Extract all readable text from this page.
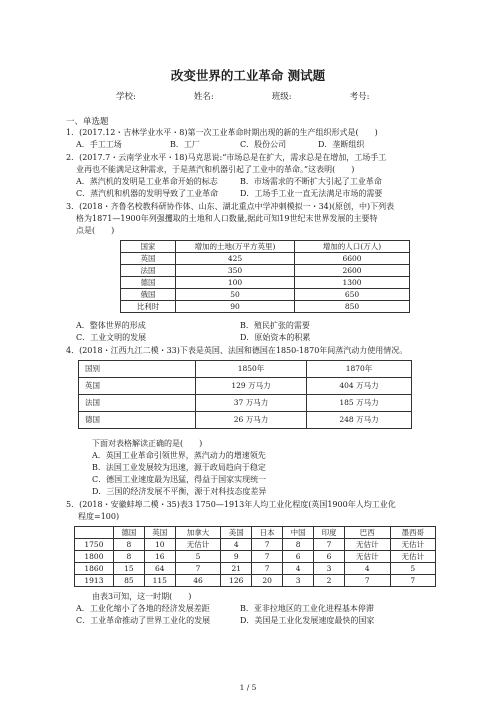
改变世界的工业革命 测试题
学校:	姓名:	班级:	考号:
一、单选题
1．(2017.12・吉林学业水平・8)第一次工业革命时期出现的新的生产组织形式是(　　)
A．手工工场	B．工厂	C．股份公司	D．垄断组织
2．(2017.7・云南学业水平・18)马克思说:“市场总是在扩大，需求总是在增加，工场手工
业再也不能满足这种需求，于是蒸汽和机器引起了工业中的革命。”这表明(　　)
A．蒸汽机的发明是工业革命开始的标志	B．市场需求的不断扩大引起了工业革命
C．蒸汽机和机器的发明导致了工业革命	D．工场手工业一直无法满足市场的需要
3．(2018・齐鲁名校教科研协作体、山东、湖北重点中学冲刺模拟一・34)(原创，中)下列表
格为1871—1900年列强攫取的土地和人口数量,据此可知19世纪末世界发展的主要特
点是(　　)
国家	增加的土地(万平方英里)	增加的人口(万人)
英国	425	6600
法国	350	2600
德国	100	1300
俄国	50	650
比利时	90	850
A．整体世界的形成	B．殖民扩张的需要
C．工业文明的发展	D．原始资本的积累
4．(2018・江西九江二模・33)下表是英国、法国和德国在1850-1870年间蒸汽动力使用情况。
国别	1850年	1870年
英国	129 万马力	404 万马力
法国	37 万马力	185 万马力
德国	26 万马力	248 万马力
下面对表格解读正确的是(　　)
A．英国工业革命引领世界，蒸汽动力的增速领先
B．法国工业发展较为迅速，源于政局趋向于稳定
C．德国工业速度最为迅猛，得益于国家实现统一
D．三国的经济发展不平衡，源于对科技态度差异
5．(2018・安徽蚌埠二模・35)表3 1750—1913年人均工业化程度(英国1900年人均工业化
程度=100)
	德国	英国	加拿大	美国	日本	中国	印度	巴西	墨西哥
1750	8	10	无估计	4	7	8	7	无估计	无估计
1800	8	16	5	9	7	6	6	无估计	无估计
1860	15	64	7	21	7	4	3	4	5
1913	85	115	46	126	20	3	2	7	7
由表3可知，这一时期(　　)
A．工业化缩小了各地的经济发展差距	B．亚非拉地区的工业化进程基本停滞
C．工业革命推动了世界工业化的发展	D．美国是工业化发展速度最快的国家
1 / 5
